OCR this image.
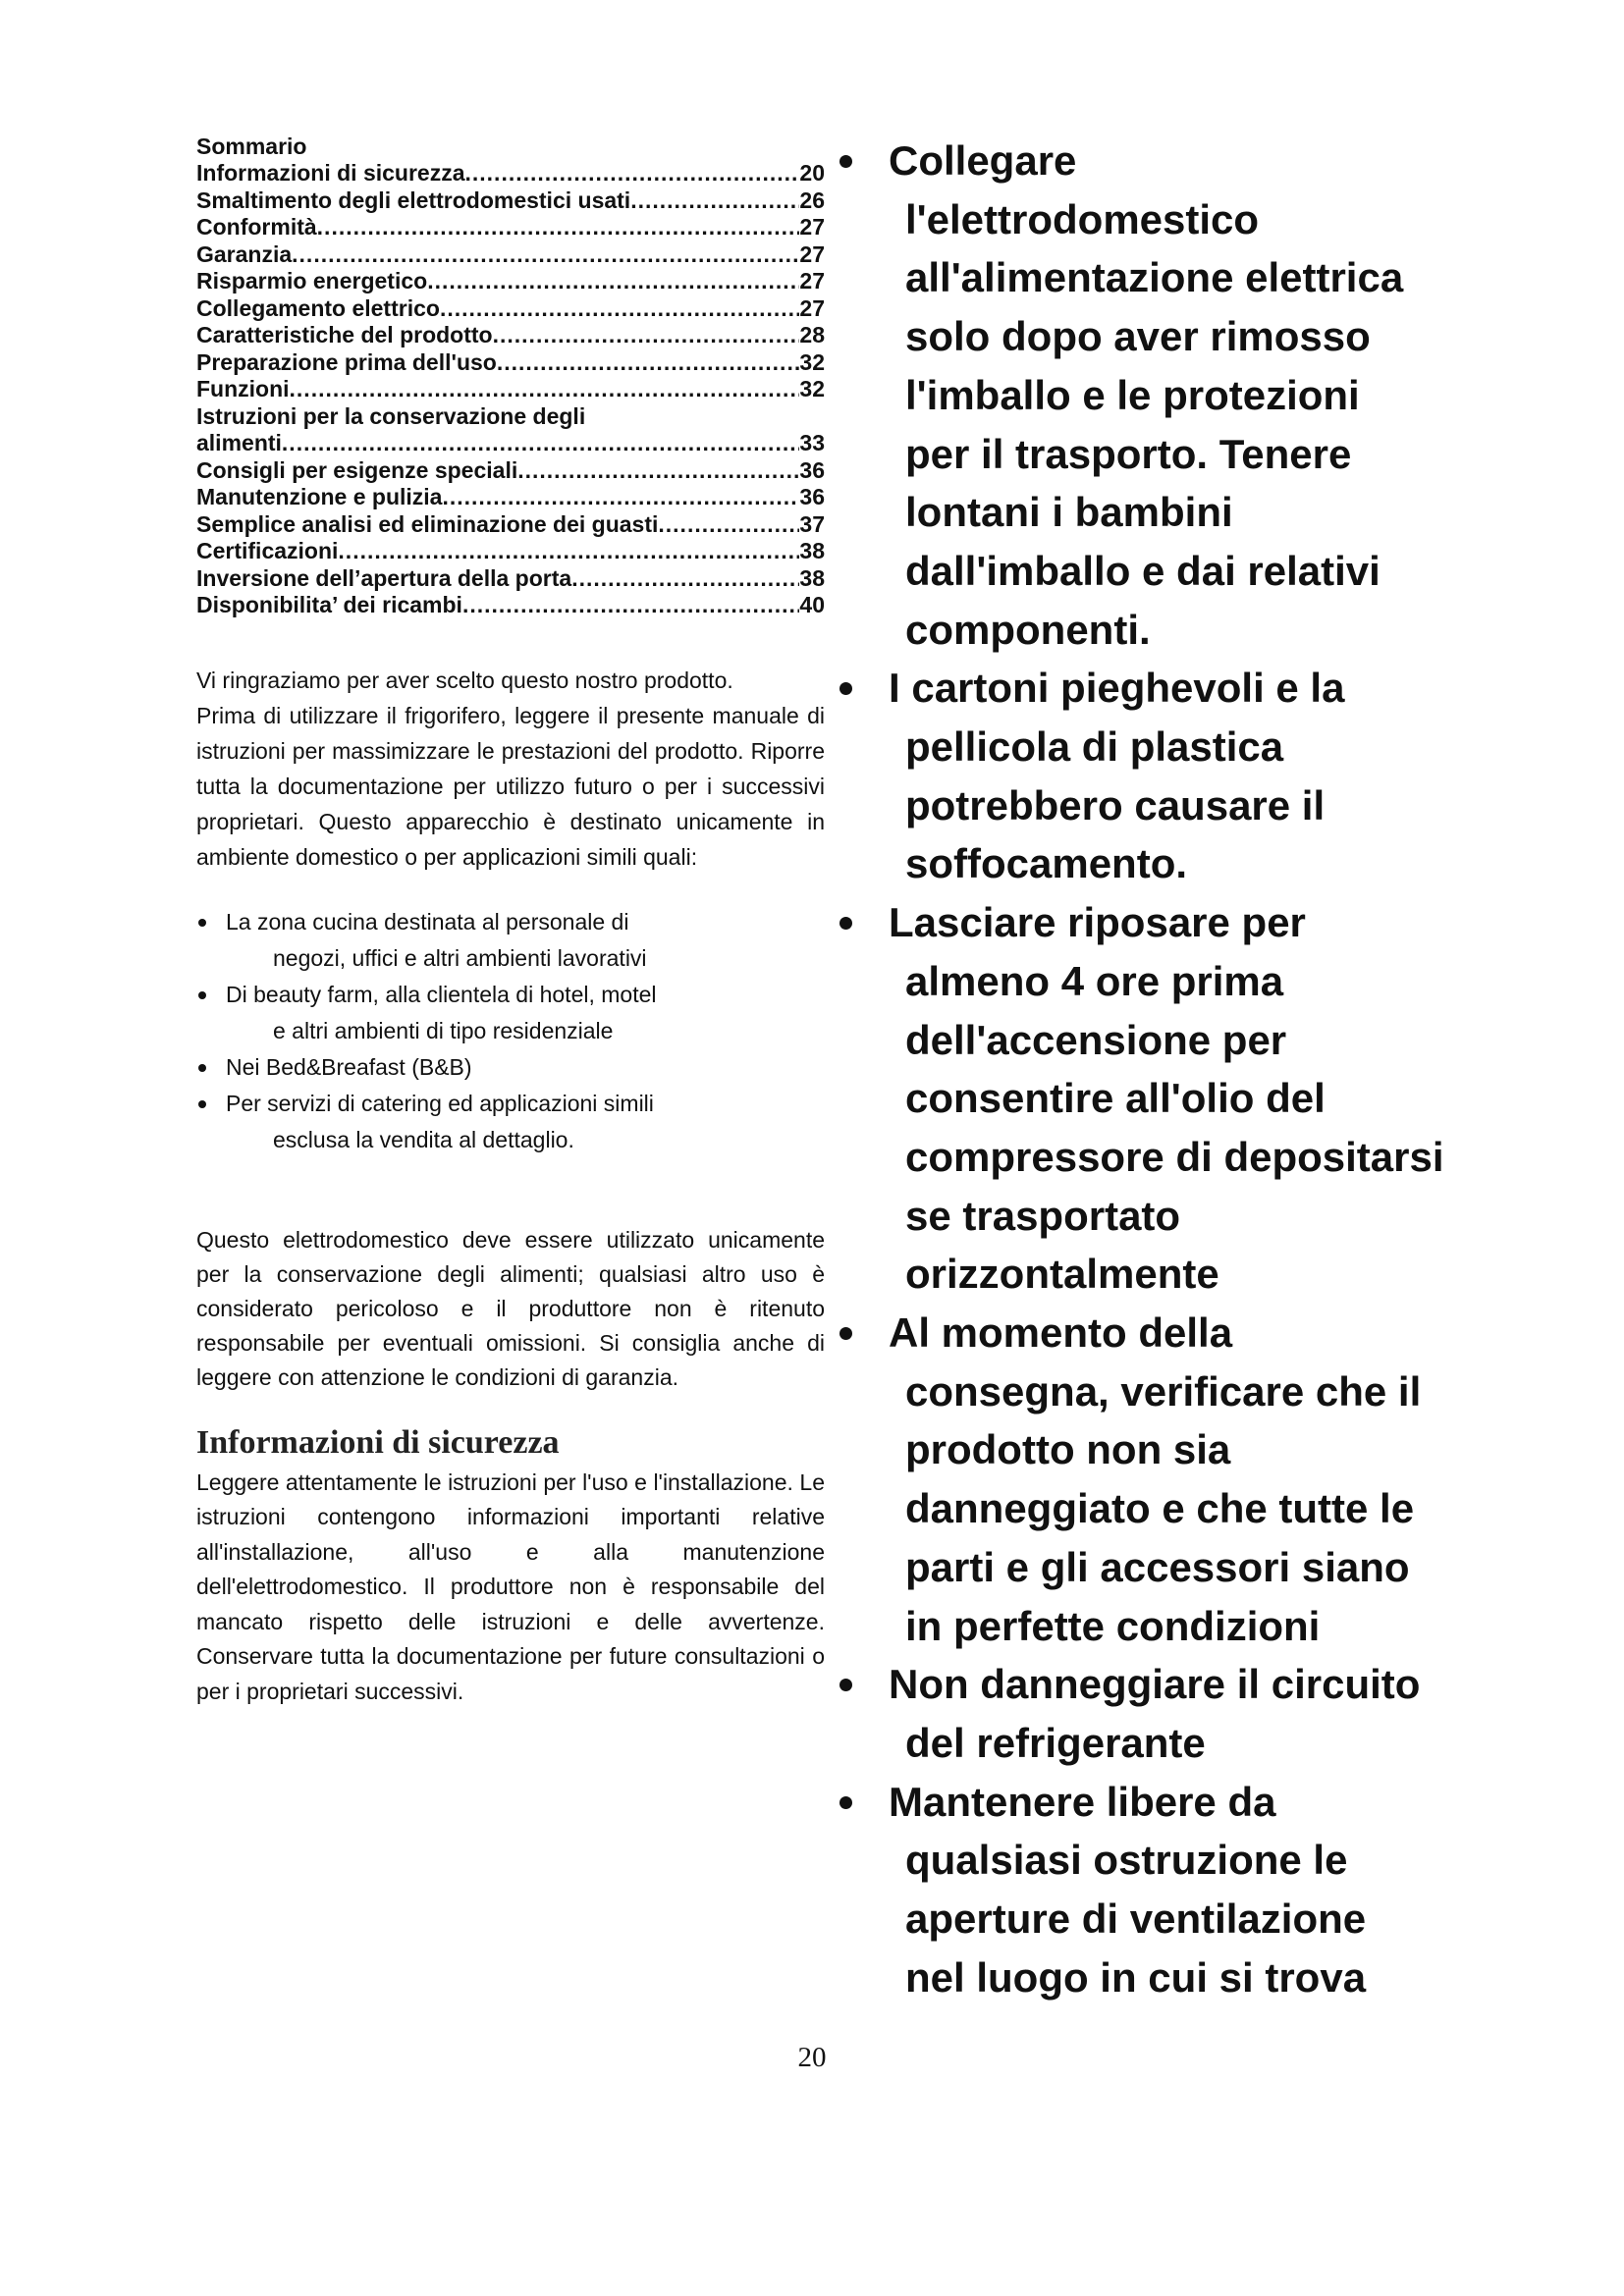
Sommario
Informazioni di sicurezza .....	20
Smaltimento degli elettrodomestici usati .....	26
Conformità .....	27
Garanzia .....	27
Risparmio energetico .....	27
Collegamento elettrico .....	27
Caratteristiche del prodotto .....	28
Preparazione prima dell'uso .....	32
Funzioni .....	32
Istruzioni per la conservazione degli
alimenti .....	33
Consigli per esigenze speciali .....	36
Manutenzione e pulizia .....	36
Semplice analisi ed eliminazione dei guasti .....	37
Certificazioni .....	38
Inversione dell’apertura della porta .....	38
Disponibilita’ dei ricambi .....	40

Vi ringraziamo per aver scelto questo nostro prodotto.

Prima di utilizzare il frigorifero, leggere il presente manuale di istruzioni per massimizzare le prestazioni del prodotto. Riporre tutta la documentazione per utilizzo futuro o per i successivi proprietari. Questo apparecchio è destinato unicamente in ambiente domestico o per applicazioni simili quali:

La zona cucina destinata al personale di
negozi, uffici e altri ambienti lavorativi
Di beauty farm, alla clientela di hotel, motel
e altri ambienti di tipo residenziale
Nei Bed&Breafast (B&B)
Per servizi di catering ed applicazioni simili
esclusa la vendita al dettaglio.

Questo elettrodomestico deve essere utilizzato unicamente per la conservazione degli alimenti; qualsiasi altro uso è considerato pericoloso e il produttore non è ritenuto responsabile per eventuali omissioni. Si consiglia anche di leggere con attenzione le condizioni di garanzia.

Informazioni di sicurezza

Leggere attentamente le istruzioni per l'uso e l'installazione. Le istruzioni contengono informazioni importanti relative all'installazione, all'uso e alla manutenzione dell'elettrodomestico. Il produttore non è responsabile del mancato rispetto delle istruzioni e delle avvertenze. Conservare tutta la documentazione per future consultazioni o per i proprietari successivi.

Collegare
l'elettrodomestico
all'alimentazione elettrica
solo dopo aver rimosso
l'imballo e le protezioni
per il trasporto. Tenere
lontani i bambini
dall'imballo e dai relativi
componenti.
I cartoni pieghevoli e la
pellicola di plastica
potrebbero causare il
soffocamento.
Lasciare riposare per
almeno 4 ore prima
dell'accensione per
consentire all'olio del
compressore di depositarsi
se trasportato
orizzontalmente
Al momento della
consegna, verificare che il
prodotto non sia
danneggiato e che tutte le
parti e gli accessori siano
in perfette condizioni
Non danneggiare il circuito
del refrigerante
Mantenere libere da
qualsiasi ostruzione le
aperture di ventilazione
nel luogo in cui si trova
20
